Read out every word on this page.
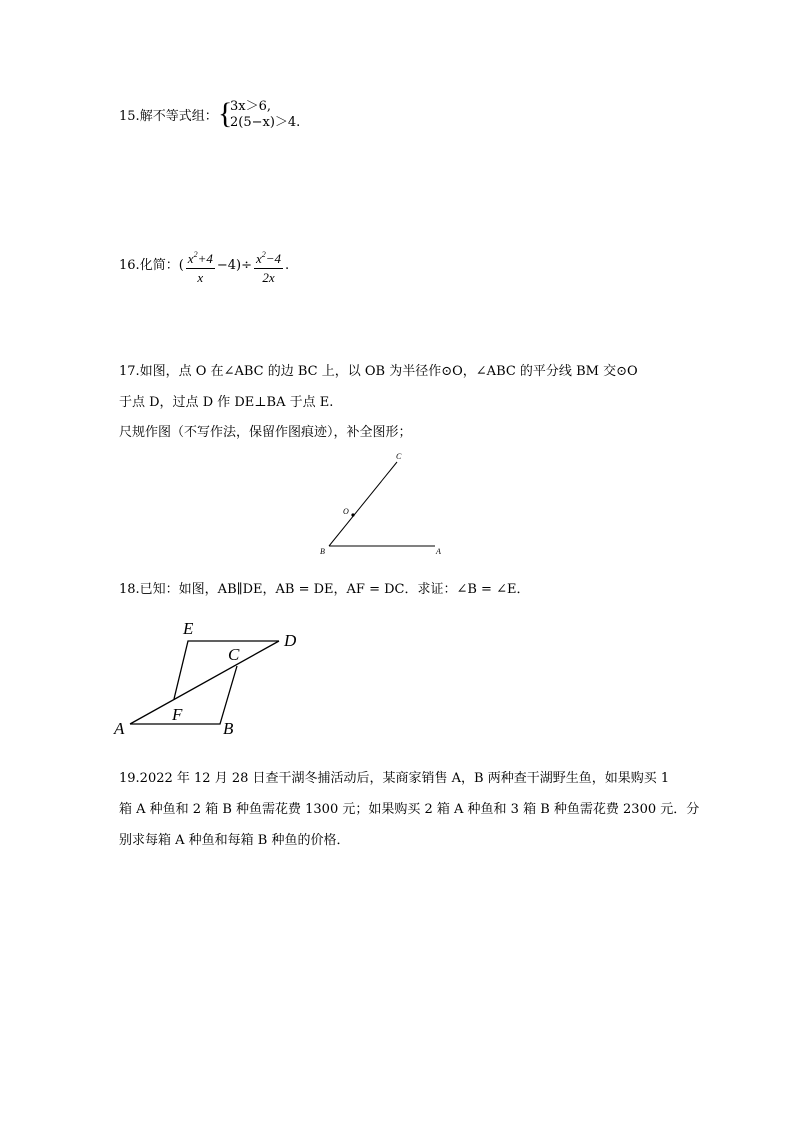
15.解不等式组： {
3x＞6,
2(5−x)＞4.
16. 化简： ( $\frac{x^2+4}{x} -4)\div \frac{x^2-4}{2x}$ .
17.如图，点 O 在∠ABC 的边 BC 上，以 OB 为半径作⊙O，∠ABC 的平分线 BM 交⊙O
于点 D，过点 D 作 DE⊥BA 于点 E.
尺规作图（不写作法，保留作图痕迹），补全图形；
C
O
B	A
18.已知：如图，AB∥DE，AB = DE，AF = DC．求证：∠B = ∠E．
E
D
C
F
A	B
19.2022 年 12 月 28 日查干湖冬捕活动后，某商家销售 A，B 两种查干湖野生鱼，如果购买 1
箱 A 种鱼和 2 箱 B 种鱼需花费 1300 元；如果购买 2 箱 A 种鱼和 3 箱 B 种鱼需花费 2300 元．分
别求每箱 A 种鱼和每箱 B 种鱼的价格．
